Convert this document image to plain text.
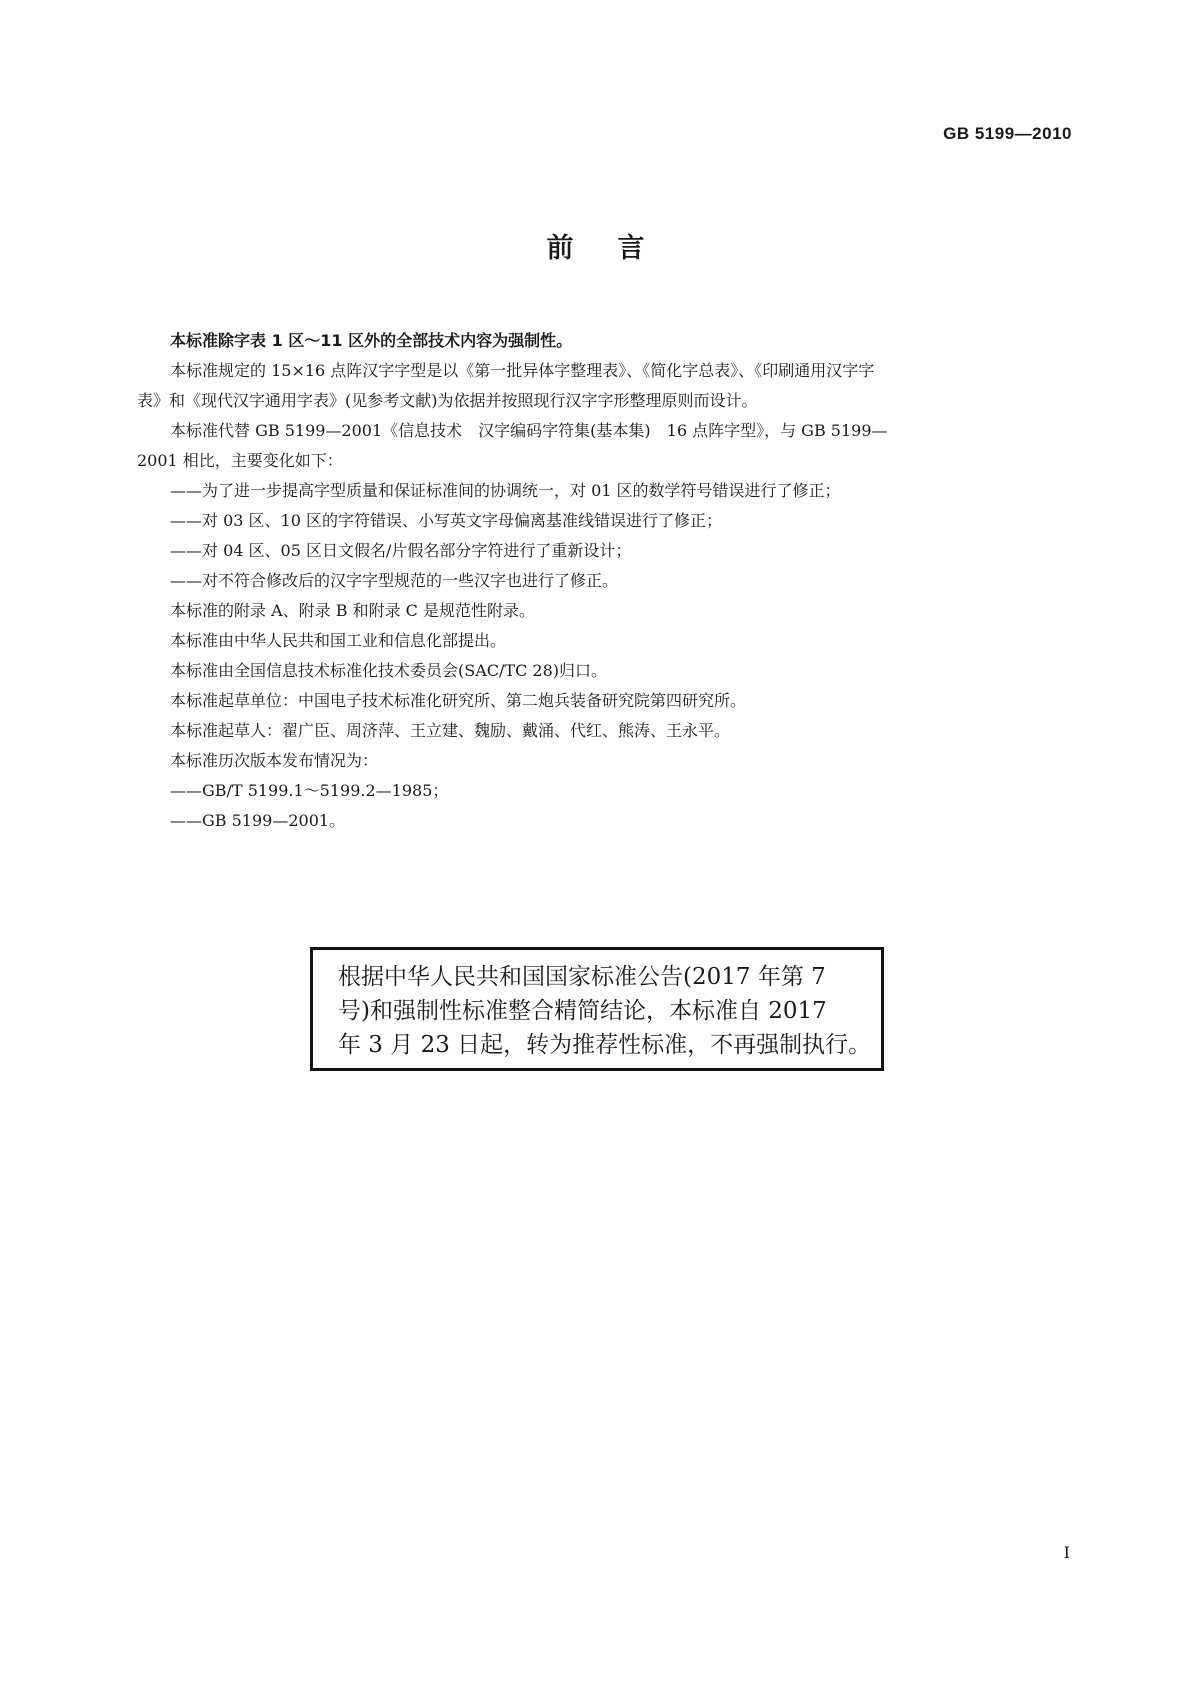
GB 5199—2010
前言

本标准除字表 1 区～11 区外的全部技术内容为强制性。

本标准规定的 15×16 点阵汉字字型是以《第一批异体字整理表》、《简化字总表》、《印刷通用汉字字

表》和《现代汉字通用字表》(见参考文献)为依据并按照现行汉字字形整理原则而设计。

本标准代替 GB 5199—2001《信息技术　汉字编码字符集(基本集)　16 点阵字型》，与 GB 5199—

2001 相比，主要变化如下：

——为了进一步提高字型质量和保证标准间的协调统一，对 01 区的数学符号错误进行了修正；

——对 03 区、10 区的字符错误、小写英文字母偏离基准线错误进行了修正；

——对 04 区、05 区日文假名/片假名部分字符进行了重新设计；

——对不符合修改后的汉字字型规范的一些汉字也进行了修正。

本标准的附录 A、附录 B 和附录 C 是规范性附录。

本标准由中华人民共和国工业和信息化部提出。

本标准由全国信息技术标准化技术委员会(SAC/TC 28)归口。

本标准起草单位：中国电子技术标准化研究所、第二炮兵装备研究院第四研究所。

本标准起草人：翟广臣、周济萍、王立建、魏励、戴涌、代红、熊涛、王永平。

本标准历次版本发布情况为：

——GB/T 5199.1～5199.2—1985；

——GB 5199—2001。

根据中华人民共和国国家标准公告(2017 年第 7

号)和强制性标准整合精简结论，本标准自 2017

年 3 月 23 日起，转为推荐性标准，不再强制执行。

I
